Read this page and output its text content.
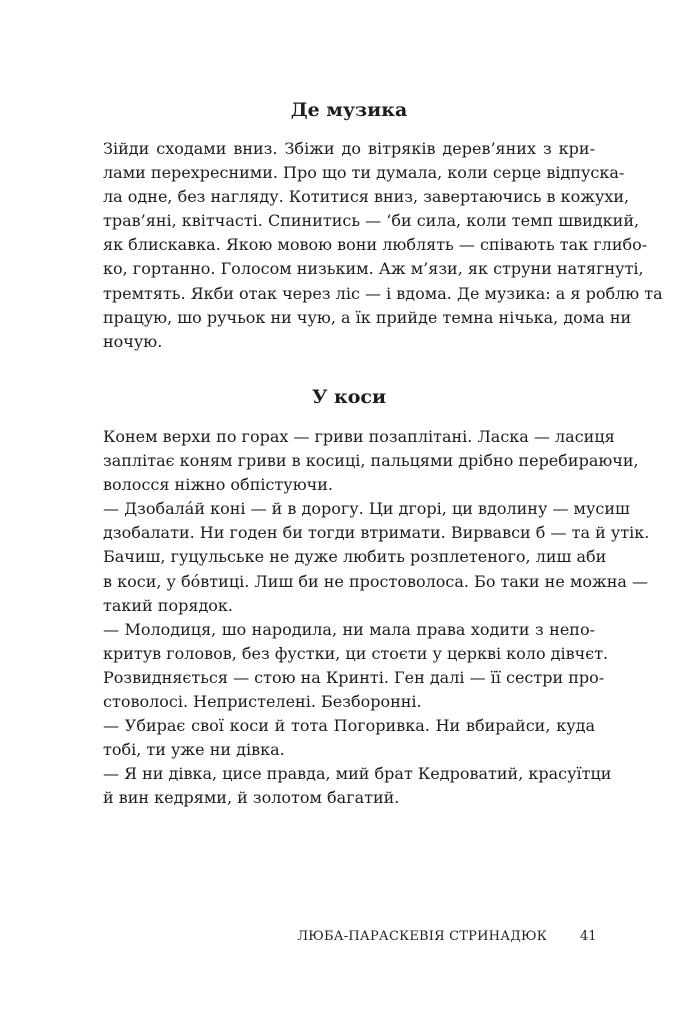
Де музика

Зійди сходами вниз. Збіжи до вітряків дерев’яних з кри-
лами перехресними. Про що ти думала, коли серце відпуска-
ла одне, без нагляду. Котитися вниз, завертаючись в кожухи,
трав’яні, квітчасті. Спинитись — ‘би сила, коли темп швидкий,
як блискавка. Якою мовою вони люблять — співають так глибо-
ко, гортанно. Голосом низьким. Аж м’язи, як струни натягнуті,
тремтять. Якби отак через ліс — і вдома. Де музика: а я роблю та
працую, шо ручьок ни чую, а ïк прийде темна нічька, дома ни
ночую.

У коси

Конем верхи по горах — гриви позаплітані. Ласка — ласиця
заплітає коням гриви в косиці, пальцями дрібно перебираючи,
волосся ніжно обпістуючи.
— Дзобала́й коні — й в дорогу. Ци дгорі, ци вдолину — мусиш
дзобалати. Ни годен би тогди втримати. Вирвавси б — та й утік.
Бачиш, гуцульське не дуже любить розплетеного, лиш аби
в коси, у бóвтиці. Лиш би не простоволоса. Бо таки не можна —
такий порядок.
— Молодиця, шо народила, ни мала права ходити з непо-
критув головов, без фустки, ци стоєти у церкві коло дівчєт.
Розвидняється — стою на Кринті. Ген далі — її сестри про-
стоволосі. Непристелені. Безборонні.
— Убирає свої коси й тота Погоривка. Ни вбирайси, куда
тобі, ти уже ни дівка.
— Я ни дівка, цисе правда, мий брат Кедроватий, красуïтци
й вин кедрями, й золотом багатий.

ЛЮБА-ПАРАСКЕВІЯ СТРИНАДЮК	41
